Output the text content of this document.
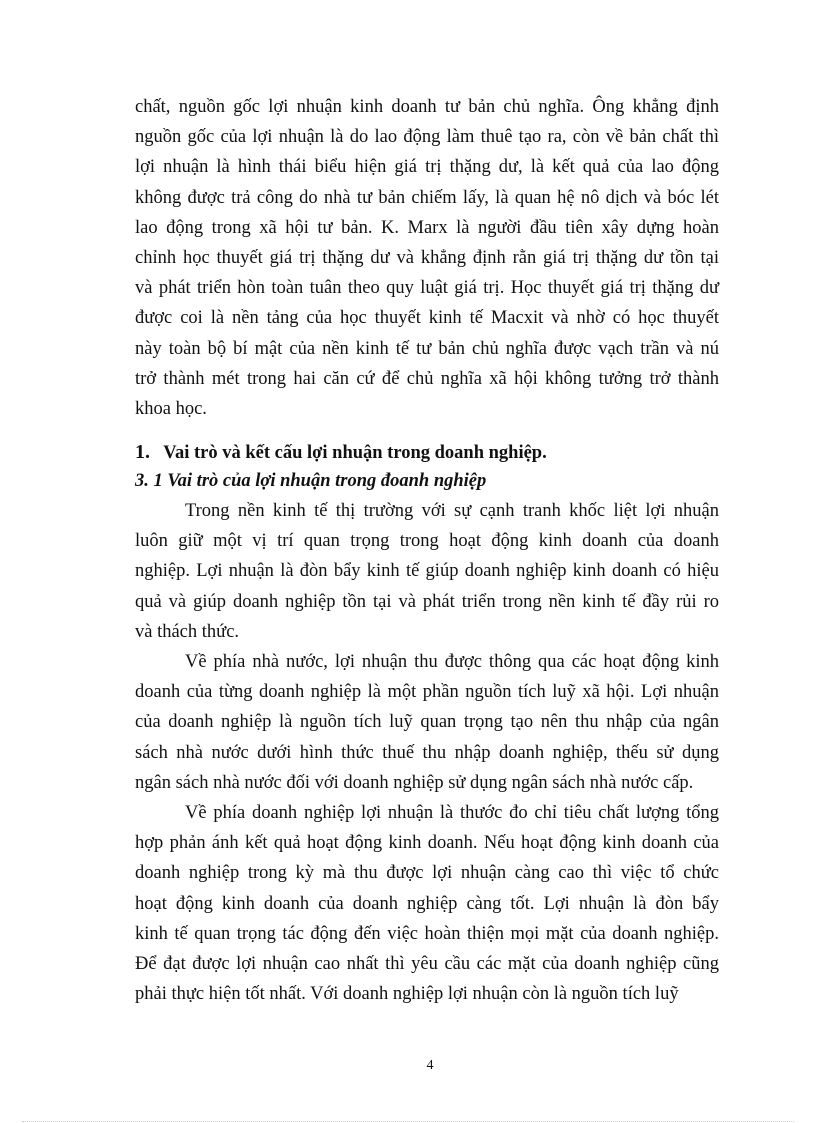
chất, nguồn gốc lợi nhuận kinh doanh tư bản chủ nghĩa. Ông khẳng định
nguồn gốc của lợi nhuận là do lao động làm thuê tạo ra, còn về bản chất thì
lợi nhuận là hình thái biểu hiện giá trị thặng dư, là kết quả của lao động
không được trả công do nhà tư bản chiếm lấy, là quan hệ nô dịch và bóc lét
lao động trong xã hội tư bản. K. Marx là người đầu tiên xây dựng hoàn
chỉnh học thuyết giá trị thặng dư và khẳng định rằn giá trị thặng dư tồn tại
và phát triển hòn toàn tuân theo quy luật giá trị. Học thuyết giá trị thặng dư
được coi là nền tảng của học thuyết kinh tế Macxit và nhờ có học thuyết
này toàn bộ bí mật của nền kinh tế tư bản chủ nghĩa được vạch trần và nú
trở thành mét trong hai căn cứ để chủ nghĩa xã hội không tưởng trở thành
khoa học.
1. Vai trò và kết cấu lợi nhuận trong doanh nghiệp.
3. 1 Vai trò của lợi nhuận trong đoanh nghiệp
Trong nền kinh tế thị trường với sự cạnh tranh khốc liệt lợi nhuận
luôn giữ một vị trí quan trọng trong hoạt động kinh doanh của doanh
nghiệp. Lợi nhuận là đòn bẩy kinh tế giúp doanh nghiệp kinh doanh có hiệu
quả và giúp doanh nghiệp tồn tại và phát triển trong nền kinh tế đầy rủi ro
và thách thức.
Về phía nhà nước, lợi nhuận thu được thông qua các hoạt động kinh
doanh của từng doanh nghiệp là một phần nguồn tích luỹ xã hội. Lợi nhuận
của doanh nghiệp là nguồn tích luỹ quan trọng tạo nên thu nhập của ngân
sách nhà nước dưới hình thức thuế thu nhập doanh nghiệp, thếu sử dụng
ngân sách nhà nước đối với doanh nghiệp sử dụng ngân sách nhà nước cấp.
Về phía doanh nghiệp lợi nhuận là thước đo chỉ tiêu chất lượng tổng
hợp phản ánh kết quả hoạt động kinh doanh. Nếu hoạt động kinh doanh của
doanh nghiệp trong kỳ mà thu được lợi nhuận càng cao thì việc tổ chức
hoạt động kinh doanh của doanh nghiệp càng tốt. Lợi nhuận là đòn bẩy
kinh tế quan trọng tác động đến việc hoàn thiện mọi mặt của doanh nghiệp.
Để đạt được lợi nhuận cao nhất thì yêu cầu các mặt của doanh nghiệp cũng
phải thực hiện tốt nhất. Với doanh nghiệp lợi nhuận còn là nguồn tích luỹ
4
